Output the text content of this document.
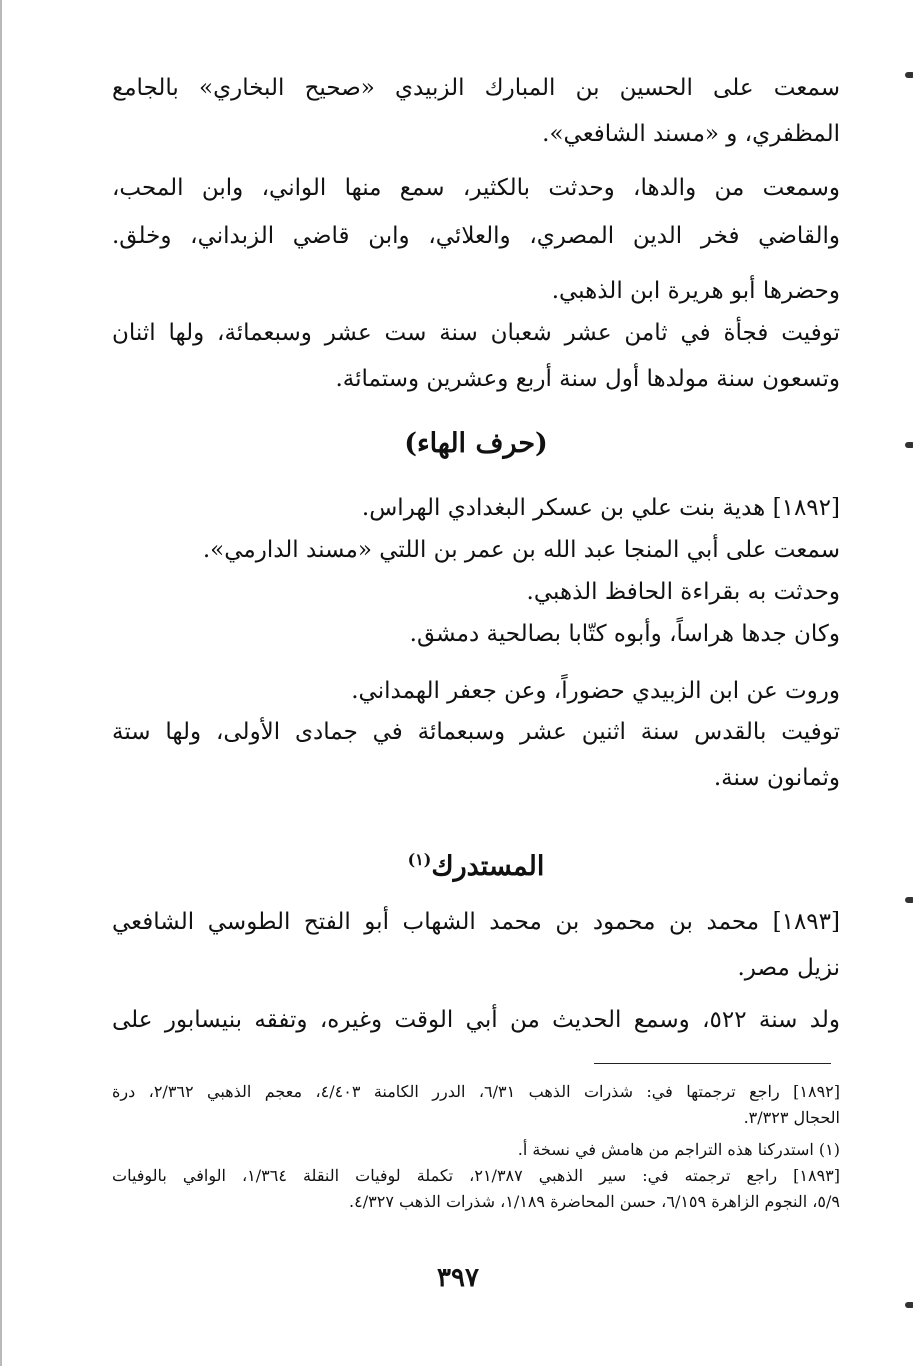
سمعت على الحسين بن المبارك الزبيدي «صحيح البخاري» بالجامع
المظفري، و «مسند الشافعي».
وسمعت من والدها، وحدثت بالكثير، سمع منها الواني، وابن المحب،
والقاضي فخر الدين المصري، والعلائي، وابن قاضي الزبداني، وخلق.
وحضرها أبو هريرة ابن الذهبي.
توفيت فجأة في ثامن عشر شعبان سنة ست عشر وسبعمائة، ولها اثنان
وتسعون سنة مولدها أول سنة أربع وعشرين وستمائة.
(حرف الهاء)
[١٨٩٢] هدية بنت علي بن عسكر البغدادي الهراس.
سمعت على أبي المنجا عبد الله بن عمر بن اللتي «مسند الدارمي».
وحدثت به بقراءة الحافظ الذهبي.
وكان جدها هراساً، وأبوه كتّابا بصالحية دمشق.
وروت عن ابن الزبيدي حضوراً، وعن جعفر الهمداني.
توفيت بالقدس سنة اثنين عشر وسبعمائة في جمادى الأولى، ولها ستة
وثمانون سنة.
المستدرك$^{(١)}$
[١٨٩٣] محمد بن محمود بن محمد الشهاب أبو الفتح الطوسي الشافعي
نزيل مصر.
ولد سنة ٥٢٢، وسمع الحديث من أبي الوقت وغيره، وتفقه بنيسابور على
[١٨٩٢] راجع ترجمتها في: شذرات الذهب ٦/٣١، الدرر الكامنة ٤/٤٠٣، معجم الذهبي ٢/٣٦٢، درة
الحجال ٣/٣٢٣.
(١) استدركنا هذه التراجم من هامش في نسخة أ.
[١٨٩٣] راجع ترجمته في: سير الذهبي ٢١/٣٨٧، تكملة لوفيات النقلة ١/٣٦٤، الوافي بالوفيات
٥/٩، النجوم الزاهرة ٦/١٥٩، حسن المحاضرة ١/١٨٩، شذرات الذهب ٤/٣٢٧.
٣٩٧
